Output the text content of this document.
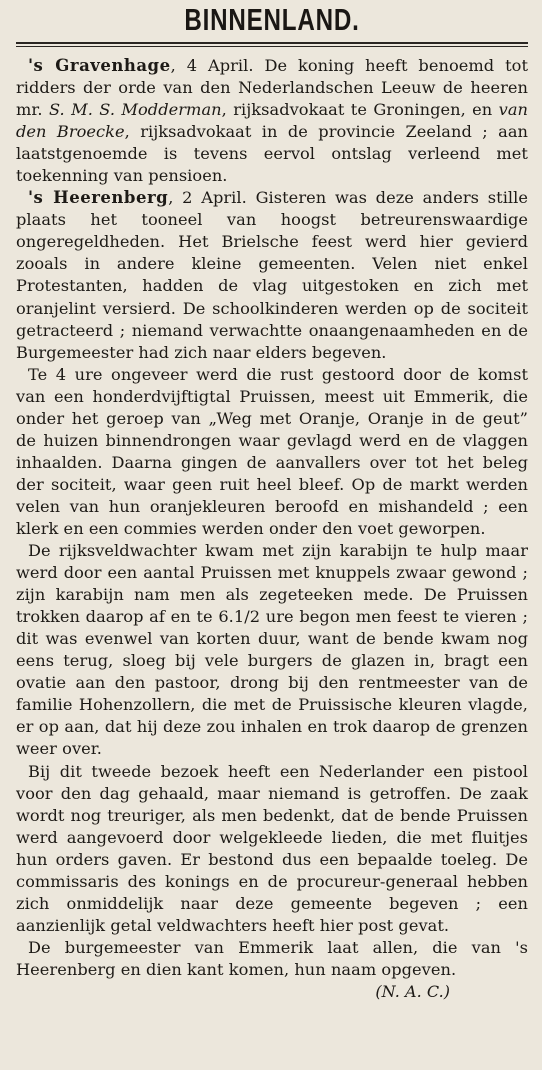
BINNENLAND.

's Gravenhage, 4 April. De koning heeft benoemd tot ridders der orde van den Nederlandschen Leeuw de heeren mr. S. M. S. Modderman, rijksadvokaat te Groningen, en van den Broecke, rijksadvokaat in de provincie Zeeland ; aan laatstgenoemde is tevens eervol ontslag verleend met toekenning van pensioen.

's Heerenberg, 2 April. Gisteren was deze anders stille plaats het tooneel van hoogst betreurenswaardige ongeregeldheden. Het Brielsche feest werd hier gevierd zooals in andere kleine gemeenten. Velen niet enkel Protestanten, hadden de vlag uitgestoken en zich met oranjelint versierd. De schoolkinderen werden op de sociteit getracteerd ; niemand verwachtte onaangenaamheden en de Burgemeester had zich naar elders begeven.

Te 4 ure ongeveer werd die rust gestoord door de komst van een honderdvijftigtal Pruissen, meest uit Emmerik, die onder het geroep van „Weg met Oranje, Oranje in de geut” de huizen binnendrongen waar gevlagd werd en de vlaggen inhaalden. Daarna gingen de aanvallers over tot het beleg der sociteit, waar geen ruit heel bleef. Op de markt werden velen van hun oranjekleuren beroofd en mishandeld ; een klerk en een commies werden onder den voet geworpen.

De rijksveldwachter kwam met zijn karabijn te hulp maar werd door een aantal Pruissen met knuppels zwaar gewond ; zijn karabijn nam men als zegeteeken mede. De Pruissen trokken daarop af en te 6.1/2 ure begon men feest te vieren ; dit was evenwel van korten duur, want de bende kwam nog eens terug, sloeg bij vele burgers de glazen in, bragt een ovatie aan den pastoor, drong bij den rentmeester van de familie Hohenzollern, die met de Pruissische kleuren vlagde, er op aan, dat hij deze zou inhalen en trok daarop de grenzen weer over.

Bij dit tweede bezoek heeft een Nederlander een pistool voor den dag gehaald, maar niemand is getroffen. De zaak wordt nog treuriger, als men bedenkt, dat de bende Pruissen werd aangevoerd door welgekleede lieden, die met fluitjes hun orders gaven. Er bestond dus een bepaalde toeleg. De commissaris des konings en de procureur-generaal hebben zich onmiddelijk naar deze gemeente begeven ; een aanzienlijk getal veldwachters heeft hier post gevat.

De burgemeester van Emmerik laat allen, die van 's Heerenberg en dien kant komen, hun naam opgeven.

(N. A. C.)
